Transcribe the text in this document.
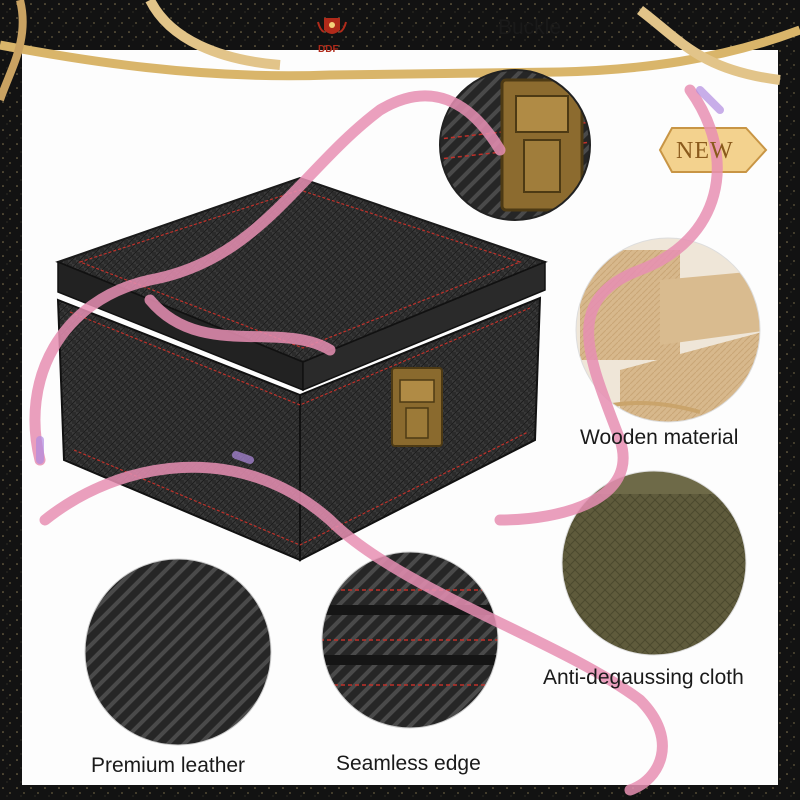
DDF
NEW
Buckle
Wooden material
Anti-degaussing cloth
Premium leather	Seamless edge
